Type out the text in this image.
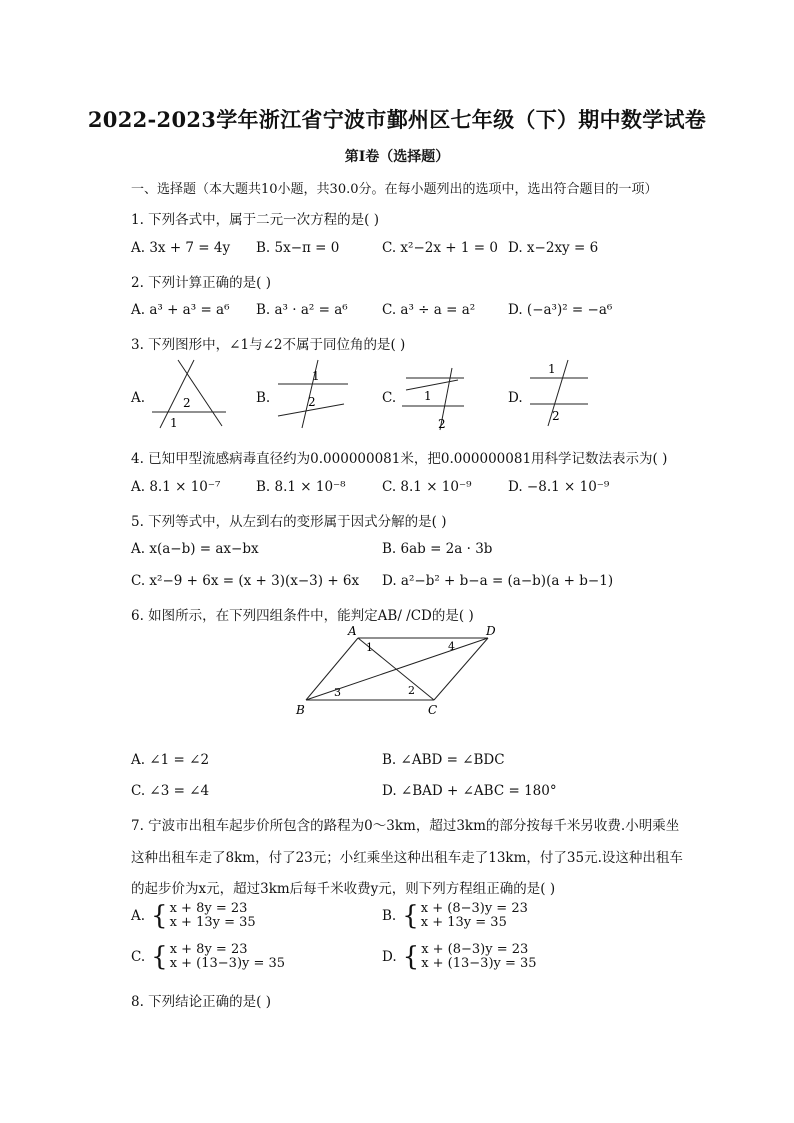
2022-2023学年浙江省宁波市鄞州区七年级（下）期中数学试卷
第Ⅰ卷（选择题）
一、选择题（本大题共10小题，共30.0分。在每小题列出的选项中，选出符合题目的一项）
1. 下列各式中，属于二元一次方程的是( )
A. 3x + 7 = 4y B. 5x−π = 0	C. x²−2x + 1 = 0 D. x−2xy = 6
2. 下列计算正确的是( )
A. a³ + a³ = a⁶ B. a³ · a² = a⁶	C. a³ ÷ a = a² D. (−a³)² = −a⁶
3. 下列图形中，∠1与∠2不属于同位角的是( )
A.	B.	C.	D.
2
1
1
2	1
2
1
2
4. 已知甲型流感病毒直径约为0.000000081米，把0.000000081用科学记数法表示为( )
A. 8.1 × 10⁻⁷	B. 8.1 × 10⁻⁸	C. 8.1 × 10⁻⁹	D. −8.1 × 10⁻⁹
5. 下列等式中，从左到右的变形属于因式分解的是( )
A. x(a−b) = ax−bx	B. 6ab = 2a · 3b
C. x²−9 + 6x = (x + 3)(x−3) + 6x D. a²−b² + b−a = (a−b)(a + b−1)
6. 如图所示，在下列四组条件中，能判定AB/ /CD的是( )
A	D
B	C
1	4
3	2
A. ∠1 = ∠2	B. ∠ABD = ∠BDC
C. ∠3 = ∠4	D. ∠BAD + ∠ABC = 180°
7. 宁波市出租车起步价所包含的路程为0～3km，超过3km的部分按每千米另收费.小明乘坐
这种出租车走了8km，付了23元；小红乘坐这种出租车走了13km，付了35元.设这种出租车
的起步价为x元，超过3km后每千米收费y元，则下列方程组正确的是( )
A. { x + 8y = 23
x + 13y = 35	B. { x + (8−3)y = 23
x + 13y = 35
C. { x + 8y = 23
x + (13−3)y = 35	D. { x + (8−3)y = 23
x + (13−3)y = 35
8. 下列结论正确的是( )
